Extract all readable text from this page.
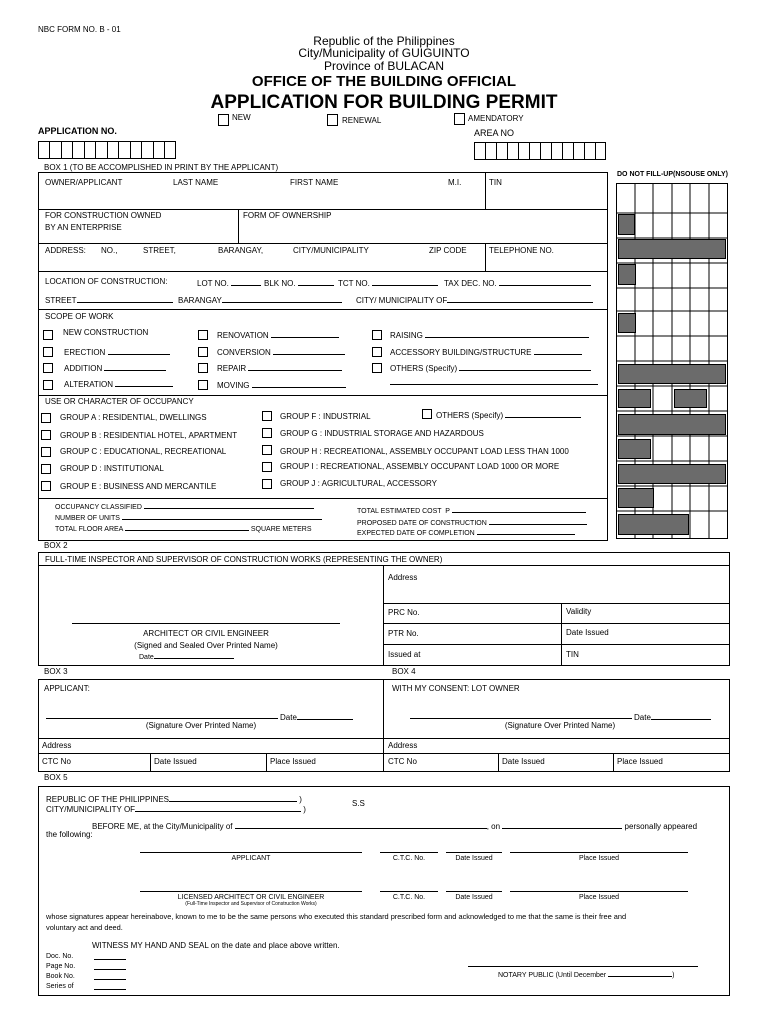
NBC FORM NO. B - 01
Republic of the Philippines
City/Municipality of GUIGUINTO
Province of BULACAN
OFFICE OF THE BUILDING OFFICIAL
APPLICATION FOR BUILDING PERMIT
NEW	RENEWAL	AMENDATORY
APPLICATION NO.	AREA NO
DO NOT FILL-UP(NSOUSE ONLY)
BOX 1 (TO BE ACCOMPLISHED IN PRINT BY THE APPLICANT)
OWNER/APPLICANT	LAST NAME	FIRST NAME	M.I.	TIN
FOR CONSTRUCTION OWNED
BY AN ENTERPRISE
FORM OF OWNERSHIP
ADDRESS: NO.,	STREET,	BARANGAY,	CITY/MUNICIPALITY	ZIP CODE	TELEPHONE NO.
LOCATION OF CONSTRUCTION:	LOT NO.	BLK NO.	TCT NO.	TAX DEC. NO.
STREET	BARANGAY	CITY/ MUNICIPALITY OF
SCOPE OF WORK
NEW CONSTRUCTION
ERECTION
ADDITION
ALTERATION
RENOVATION
CONVERSION
REPAIR
MOVING
RAISING
ACCESSORY BUILDING/STRUCTURE
OTHERS (Specify)
USE OR CHARACTER OF OCCUPANCY
GROUP A : RESIDENTIAL, DWELLINGS
GROUP B : RESIDENTIAL HOTEL, APARTMENT
GROUP C : EDUCATIONAL, RECREATIONAL
GROUP D : INSTITUTIONAL
GROUP E : BUSINESS AND MERCANTILE
GROUP F : INDUSTRIAL	OTHERS (Specify)
GROUP G : INDUSTRIAL STORAGE AND HAZARDOUS
GROUP H : RECREATIONAL, ASSEMBLY OCCUPANT LOAD LESS THAN 1000
GROUP I : RECREATIONAL, ASSEMBLY OCCUPANT LOAD 1000 OR MORE
GROUP J : AGRICULTURAL, ACCESSORY
OCCUPANCY CLASSIFIED
NUMBER OF UNITS
TOTAL FLOOR AREA	SQUARE METERS
TOTAL ESTIMATED COST P
PROPOSED DATE OF CONSTRUCTION
EXPECTED DATE OF COMPLETION
BOX 2
FULL-TIME INSPECTOR AND SUPERVISOR OF CONSTRUCTION WORKS (REPRESENTING THE OWNER)
Address
PRC No.	Validity
PTR No.	Date Issued
Issued at	TIN
ARCHITECT OR CIVIL ENGINEER
(Signed and Sealed Over Printed Name)
Date
BOX 3	BOX 4
APPLICANT:
Date
(Signature Over Printed Name)
Address
CTC No	Date Issued	Place Issued
WITH MY CONSENT: LOT OWNER
Date
(Signature Over Printed Name)
Address
CTC No	Date Issued	Place Issued
BOX 5
REPUBLIC OF THE PHILIPPINES	)
CITY/MUNICIPALITY OF	)
S.S
BEFORE ME, at the City/Municipality of	, on	personally appeared
the following:
APPLICANT	C.T.C. No.	Date Issued	Place Issued
LICENSED ARCHITECT OR CIVIL ENGINEER
(Full-Time Inspector and Supervisor of Construction Works)
C.T.C. No.	Date Issued	Place Issued
whose signatures appear hereinabove, known to me to be the same persons who executed this standard prescribed form and acknowledged to me that the same is their free and
voluntary act and deed.
WITNESS MY HAND AND SEAL on the date and place above written.
Doc. No.
Page No.
Book No.
Series of
NOTARY PUBLIC (Until December	)
